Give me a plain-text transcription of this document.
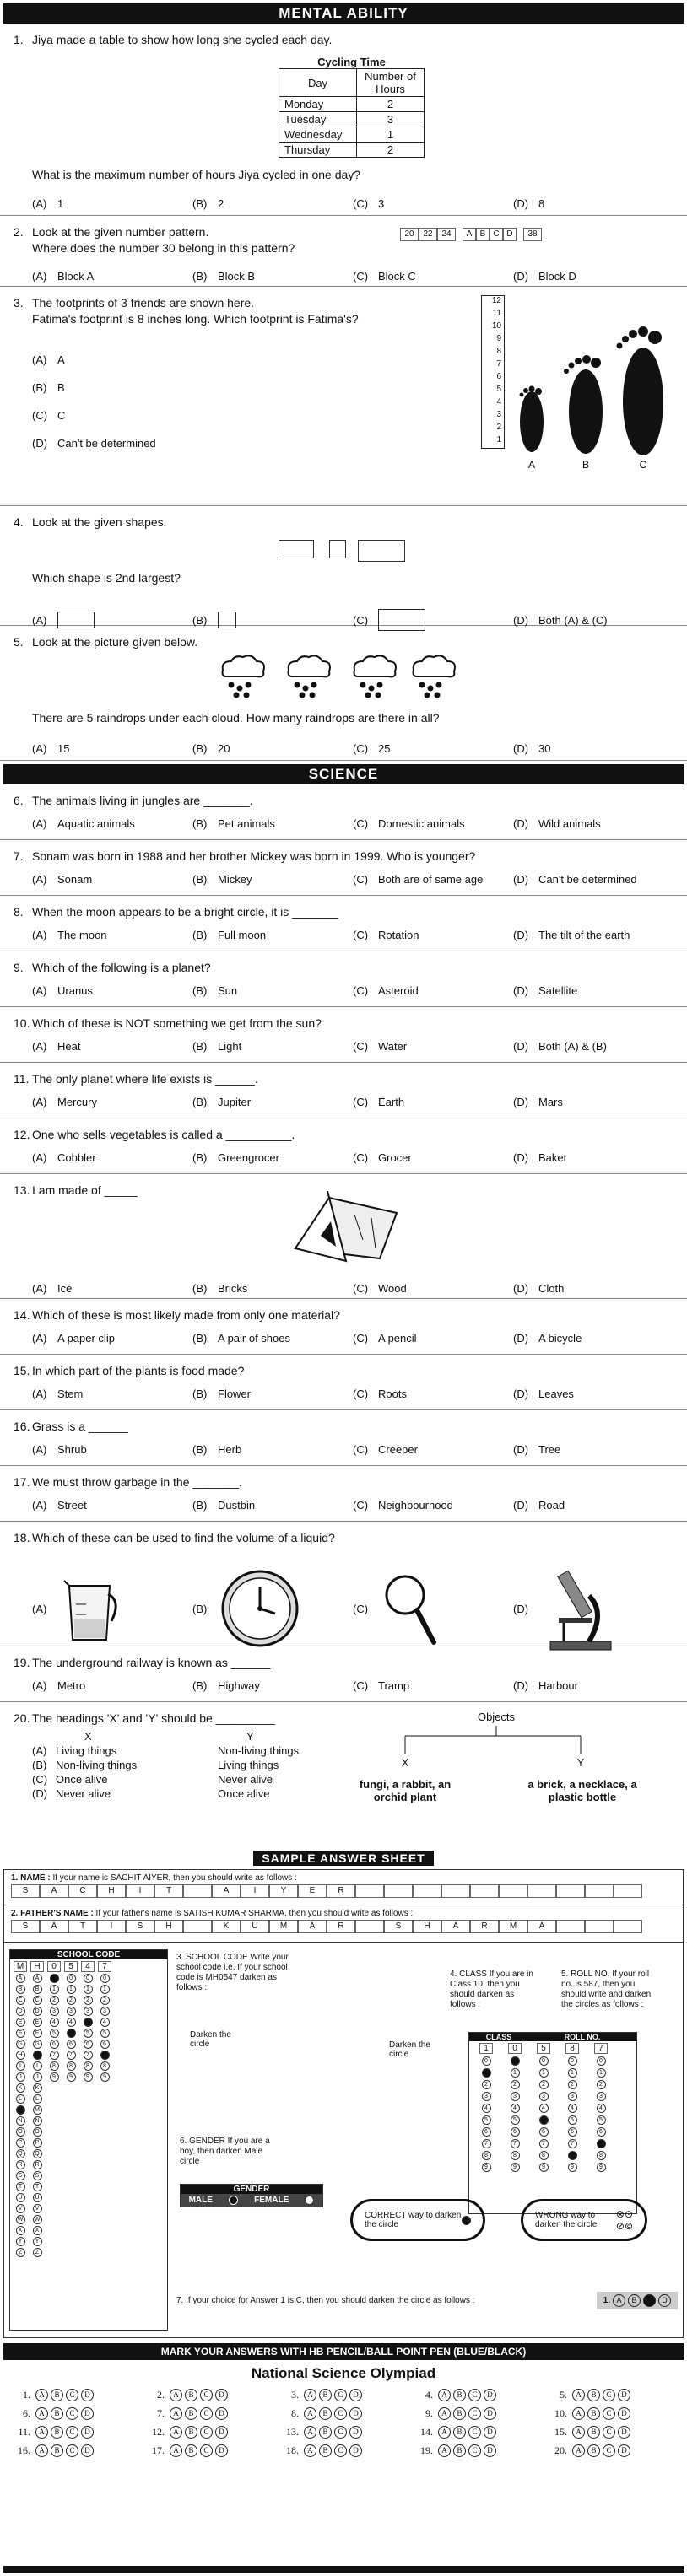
MENTAL ABILITY
1. Jiya made a table to show how long she cycled each day.
Cycling Time
Day	Number of Hours
Monday	2
Tuesday	3
Wednesday	1
Thursday	2
What is the maximum number of hours Jiya cycled in one day?
(A) 1	(B) 2	(C) 3	(D) 8
2. Look at the given number pattern.
Where does the number 30 belong in this pattern?
20	22	24	A B C D	38
(A) Block A	(B) Block B	(C) Block C	(D) Block D
3. The footprints of 3 friends are shown here.
Fatima's footprint is 8 inches long. Which footprint is Fatima's?
(A) A
(B) B
(C) C
(D) Can't be determined
12
11
10
9
8
7
6
5
4
3
2
1
A	B	C
4. Look at the given shapes.
Which shape is 2nd largest?
(A)	(B)	(C)	(D) Both (A) & (C)
5. Look at the picture given below.
There are 5 raindrops under each cloud. How many raindrops are there in all?
(A) 15	(B) 20	(C) 25	(D) 30
SCIENCE
6. The animals living in jungles are _______.
(A) Aquatic animals	(B) Pet animals	(C) Domestic animals	(D) Wild animals
7. Sonam was born in 1988 and her brother Mickey was born in 1999. Who is younger?
(A) Sonam	(B) Mickey	(C) Both are of same age	(D) Can't be determined
8. When the moon appears to be a bright circle, it is _______
(A) The moon	(B) Full moon	(C) Rotation	(D) The tilt of the earth
9. Which of the following is a planet?
(A) Uranus	(B) Sun	(C) Asteroid	(D) Satellite
10. Which of these is NOT something we get from the sun?
(A) Heat	(B) Light	(C) Water	(D) Both (A) & (B)
11. The only planet where life exists is ______.
(A) Mercury	(B) Jupiter	(C) Earth	(D) Mars
12. One who sells vegetables is called a __________.
(A) Cobbler	(B) Greengrocer	(C) Grocer	(D) Baker
13. I am made of _____
(A) Ice	(B) Bricks	(C) Wood	(D) Cloth
14. Which of these is most likely made from only one material?
(A) A paper clip	(B) A pair of shoes	(C) A pencil	(D) A bicycle
15. In which part of the plants is food made?
(A) Stem	(B) Flower	(C) Roots	(D) Leaves
16. Grass is a ______
(A) Shrub	(B) Herb	(C) Creeper	(D) Tree
17. We must throw garbage in the _______.
(A) Street	(B) Dustbin	(C) Neighbourhood	(D) Road
18. Which of these can be used to find the volume of a liquid?
(A)	(B)	(C)	(D)
19. The underground railway is known as ______
(A) Metro	(B) Highway	(C) Tramp	(D) Harbour
20. The headings 'X' and 'Y' should be _________
X	Y
(A) Living things	Non-living things
(B) Non-living things	Living things
(C) Once alive	Never alive
(D) Never alive	Once alive
Objects
X	Y
fungi, a rabbit, an orchid plant
a brick, a necklace, a plastic bottle
SAMPLE ANSWER SHEET
1. NAME : If your name is SACHIT AIYER, then you should write as follows :
S	A	C	H	I	T	A	I	Y	E	R
2. FATHER'S NAME : If your father's name is SATISH KUMAR SHARMA, then you should write as follows :
S	A	T	I	S	H	K	U	M	A	R	S	H	A	R	M	A
SCHOOL CODE
M
A
B
C
D
E
F
G
H
I
J
K
L
N
O
P
Q
R
S
T
U
V
W
X
Y
Z
H
A
B
C
D
E
F
G
I
J
K
L
M
N
O
P
Q
R
S
T
U
V
W
X
Y
Z
0
1
2
3
4
5
6
7
8
9
5
0
1
2
3
4
6
7
8
9
4
0
1
2
3
5
6
7
8
9
7
0
1
2
3
4
5
6
8
9
3. SCHOOL CODE Write your school code i.e. If your school code is MH0547 darken as follows :
Darken the circle	Darken the circle
4. CLASS If you are in Class 10, then you should darken as follows :
5. ROLL NO. If your roll no. is 587, then you should write and darken the circles as follows :
CLASS	ROLL NO.
1
0
2
3
4
5
6
7
8
9
0
1
2
3
4
5
6
7
8
9
5
0
1
2
3
4
6
7
8
9
8
0
1
2
3
4
5
6
7
9
7
0
1
2
3
4
5
6
8
9
6. GENDER If you are a boy, then darken Male circle
GENDER
MALE	FEMALE
CORRECT way to darken the circle
WRONG way to darken the circle
⊗⊙
⊘⊚
7. If your choice for Answer 1 is C, then you should darken the circle as follows :	1. A	B	D
MARK YOUR ANSWERS WITH HB PENCIL/BALL POINT PEN (BLUE/BLACK)
National Science Olympiad
1.	A	B	C	D	2.	A	B	C	D	3.	A	B	C	D	4.	A	B	C	D	5.	A	B	C	D
6.	A	B	C	D	7.	A	B	C	D	8.	A	B	C	D	9.	A	B	C	D	10.	A	B	C	D
11.	A	B	C	D	12.	A	B	C	D	13.	A	B	C	D	14.	A	B	C	D	15.	A	B	C	D
16.	A	B	C	D	17.	A	B	C	D	18.	A	B	C	D	19.	A	B	C	D	20.	A	B	C	D
